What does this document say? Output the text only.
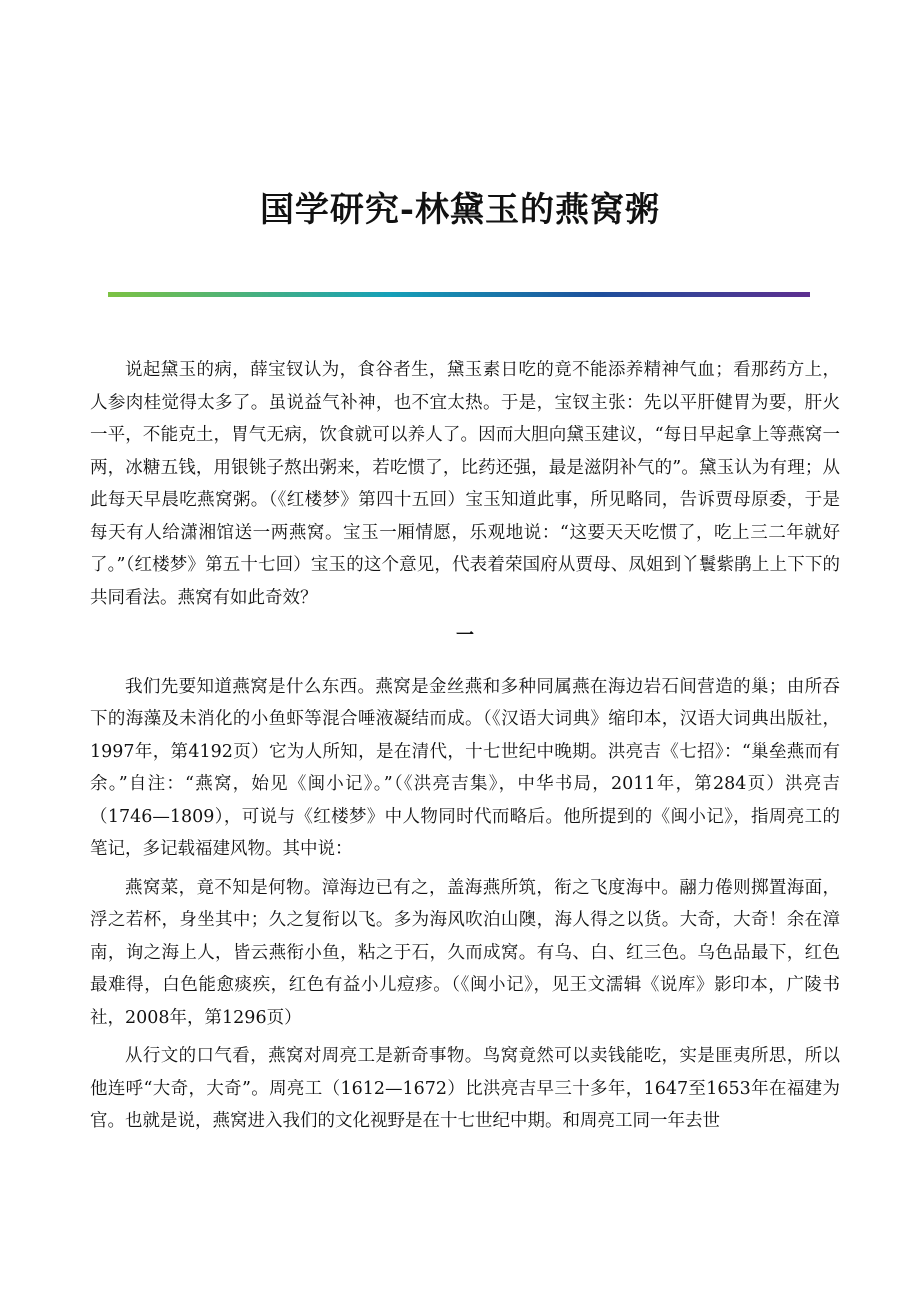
国学研究-林黛玉的燕窝粥

说起黛玉的病，薛宝钗认为，食谷者生，黛玉素日吃的竟不能添养精神气血；看那药方上，人参肉桂觉得太多了。虽说益气补神，也不宜太热。于是，宝钗主张：先以平肝健胃为要，肝火一平，不能克土，胃气无病，饮食就可以养人了。因而大胆向黛玉建议，“每日早起拿上等燕窝一两，冰糖五钱，用银铫子熬出粥来，若吃惯了，比药还强，最是滋阴补气的”。黛玉认为有理；从此每天早晨吃燕窝粥。（《红楼梦》第四十五回）宝玉知道此事，所见略同，告诉贾母原委，于是每天有人给潇湘馆送一两燕窝。宝玉一厢情愿，乐观地说：“这要天天吃惯了，吃上三二年就好了。”（红楼梦》第五十七回）宝玉的这个意见，代表着荣国府从贾母、凤姐到丫鬟紫鹃上上下下的共同看法。燕窝有如此奇效？

一

我们先要知道燕窝是什么东西。燕窝是金丝燕和多种同属燕在海边岩石间营造的巢；由所吞下的海藻及未消化的小鱼虾等混合唾液凝结而成。（《汉语大词典》缩印本，汉语大词典出版社，1997年，第4192页）它为人所知，是在清代，十七世纪中晚期。洪亮吉《七招》：“巢垒燕而有余。”自注：“燕窝，始见《闽小记》。”（《洪亮吉集》，中华书局，2011年，第284页）洪亮吉（1746—1809），可说与《红楼梦》中人物同时代而略后。他所提到的《闽小记》，指周亮工的笔记，多记载福建风物。其中说：

燕窝菜，竟不知是何物。漳海边已有之，盖海燕所筑，衔之飞度海中。翮力倦则掷置海面，浮之若杯，身坐其中；久之复衔以飞。多为海风吹泊山隩，海人得之以货。大奇，大奇！余在漳南，询之海上人，皆云燕衔小鱼，粘之于石，久而成窝。有乌、白、红三色。乌色品最下，红色最难得，白色能愈痰疾，红色有益小儿痘疹。（《闽小记》，见王文濡辑《说库》影印本，广陵书社，2008年，第1296页）

从行文的口气看，燕窝对周亮工是新奇事物。鸟窝竟然可以卖钱能吃，实是匪夷所思，所以他连呼“大奇，大奇”。周亮工（1612—1672）比洪亮吉早三十多年，1647至1653年在福建为官。也就是说，燕窝进入我们的文化视野是在十七世纪中期。和周亮工同一年去世
